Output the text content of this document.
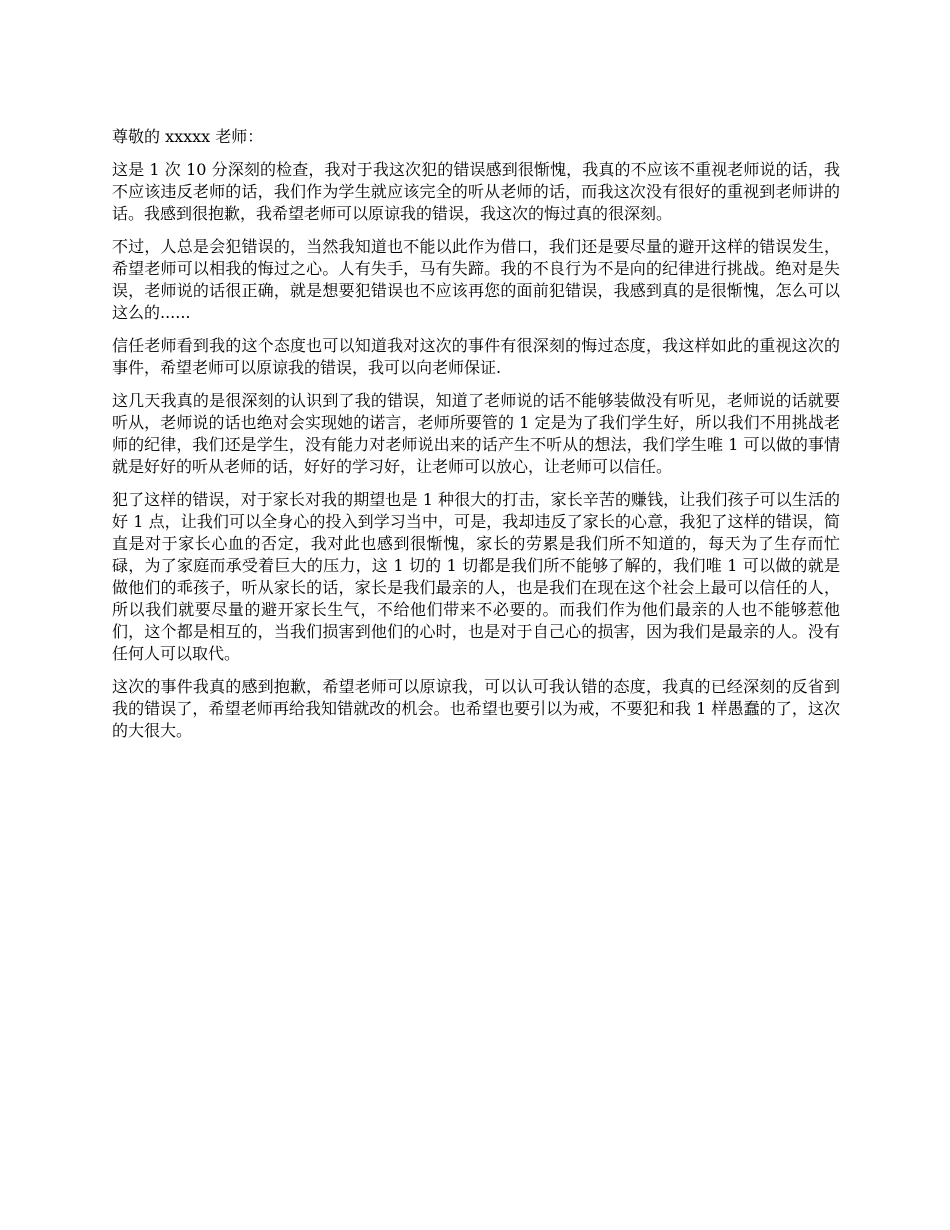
尊敬的 xxxxx 老师：

这是 1 次 10 分深刻的检查，我对于我这次犯的错误感到很惭愧，我真的不应该不重视老师说的话，我不应该违反老师的话，我们作为学生就应该完全的听从老师的话，而我这次没有很好的重视到老师讲的话。我感到很抱歉，我希望老师可以原谅我的错误，我这次的悔过真的很深刻。

不过，人总是会犯错误的，当然我知道也不能以此作为借口，我们还是要尽量的避开这样的错误发生，希望老师可以相我的悔过之心。人有失手，马有失蹄。我的不良行为不是向的纪律进行挑战。绝对是失误，老师说的话很正确，就是想要犯错误也不应该再您的面前犯错误，我感到真的是很惭愧，怎么可以这么的......

信任老师看到我的这个态度也可以知道我对这次的事件有很深刻的悔过态度，我这样如此的重视这次的事件，希望老师可以原谅我的错误，我可以向老师保证.

这几天我真的是很深刻的认识到了我的错误，知道了老师说的话不能够装做没有听见，老师说的话就要听从，老师说的话也绝对会实现她的诺言，老师所要管的 1 定是为了我们学生好，所以我们不用挑战老师的纪律，我们还是学生，没有能力对老师说出来的话产生不听从的想法，我们学生唯 1 可以做的事情就是好好的听从老师的话，好好的学习好，让老师可以放心，让老师可以信任。

犯了这样的错误，对于家长对我的期望也是 1 种很大的打击，家长辛苦的赚钱，让我们孩子可以生活的好 1 点，让我们可以全身心的投入到学习当中，可是，我却违反了家长的心意，我犯了这样的错误，简直是对于家长心血的否定，我对此也感到很惭愧，家长的劳累是我们所不知道的，每天为了生存而忙碌，为了家庭而承受着巨大的压力，这 1 切的 1 切都是我们所不能够了解的，我们唯 1 可以做的就是做他们的乖孩子，听从家长的话，家长是我们最亲的人，也是我们在现在这个社会上最可以信任的人，所以我们就要尽量的避开家长生气，不给他们带来不必要的。而我们作为他们最亲的人也不能够惹他们，这个都是相互的，当我们损害到他们的心时，也是对于自己心的损害，因为我们是最亲的人。没有任何人可以取代。

这次的事件我真的感到抱歉，希望老师可以原谅我，可以认可我认错的态度，我真的已经深刻的反省到我的错误了，希望老师再给我知错就改的机会。也希望也要引以为戒，不要犯和我 1 样愚蠢的了，这次的大很大。
